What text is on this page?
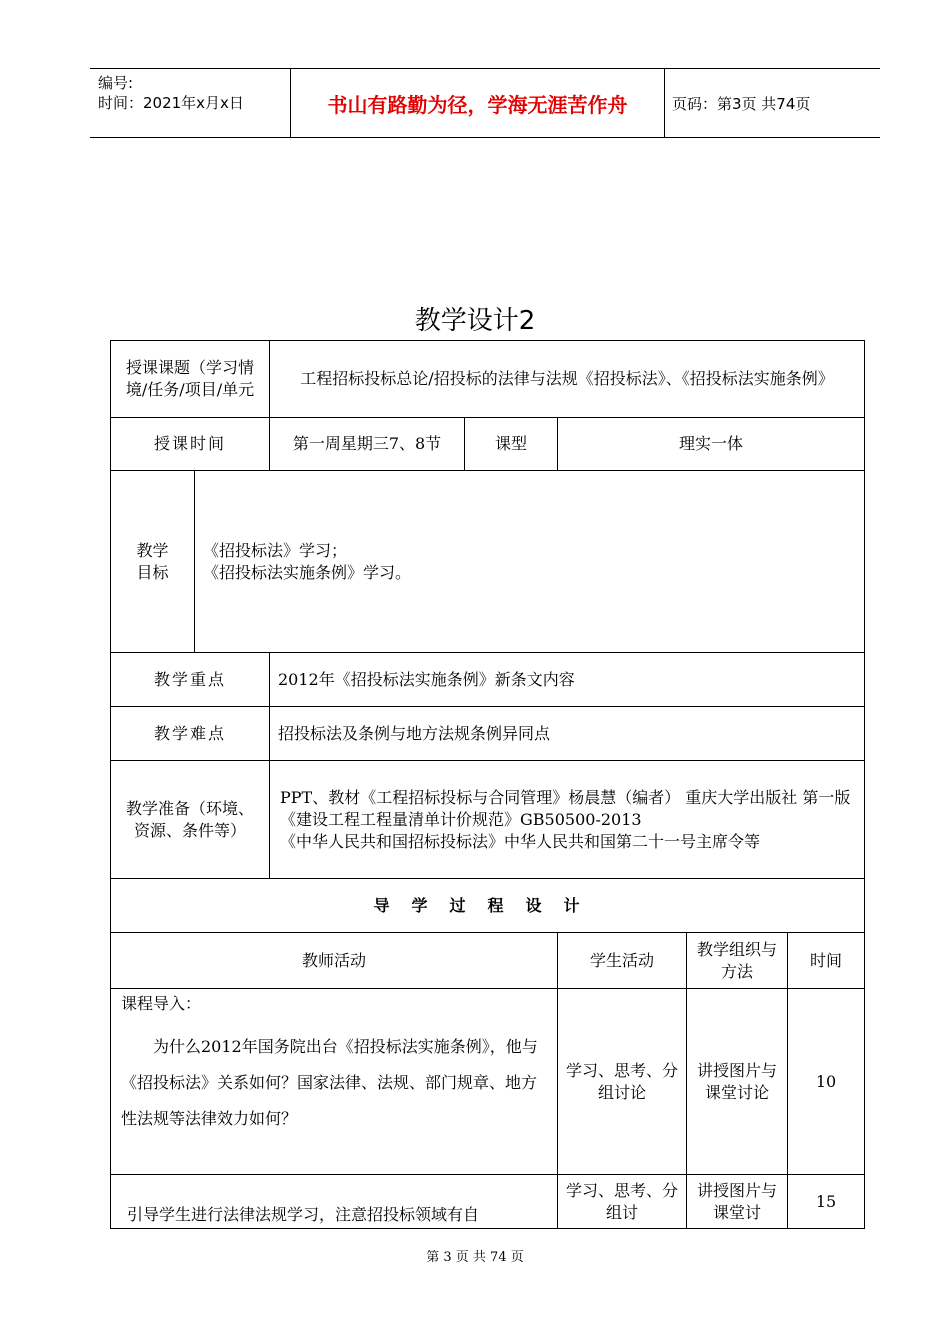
编号:
时间：2021年x月x日	书山有路勤为径，学海无涯苦作舟	页码：第3页 共74页
教学设计2
授课课题（学习情境/任务/项目/单元		工程招标投标总论/招投标的法律与法规《招投标法》、《招投标法实施条例》				
授课时间		第一周星期三7、8节	课型	理实一体		
教学目标	《招投标法》学习；
《招投标法实施条例》学习。					

教学重点		2012年《招投标法实施条例》新条文内容				
教学难点		招投标法及条例与地方法规条例异同点				
教学准备（环境、资源、条件等）		PPT、教材《工程招标投标与合同管理》杨晨慧（编者） 重庆大学出版社 第一版
《建设工程工程量清单计价规范》GB50500-2013
《中华人民共和国招标投标法》中华人民共和国第二十一号主席令等				

导学过程设计						
教师活动				学生活动	教学组织与方法	时间

课程导入：
为什么2012年国务院出台《招投标法实施条例》，他与《招投标法》关系如何？国家法律、法规、部门规章、地方性法规等法律效力如何？				学习、思考、分组讨论	讲授图片与课堂讨论	10
引导学生进行法律法规学习，注意招投标领域有自				学习、思考、分组讨	讲授图片与课堂讨	15
第 3 页 共 74 页
